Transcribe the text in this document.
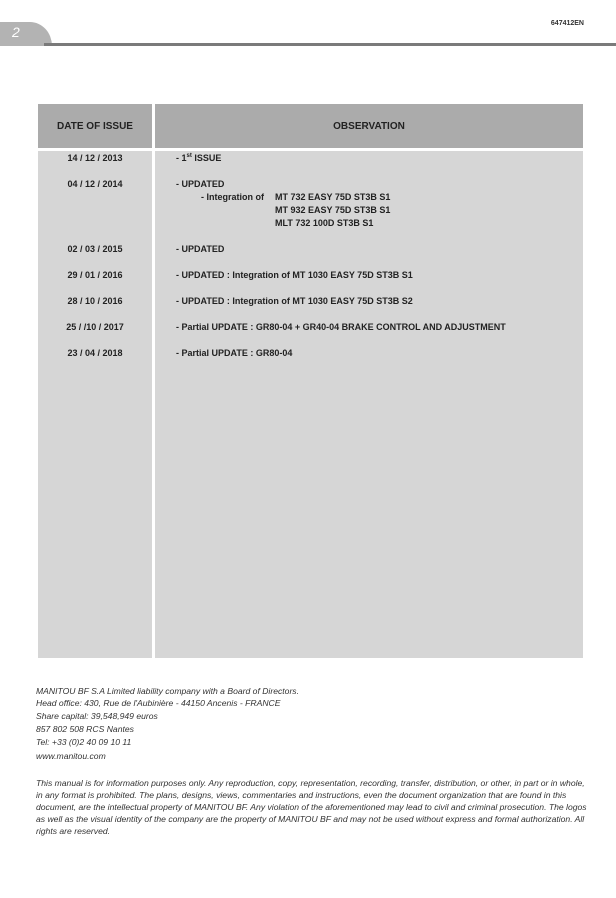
2
647412EN
DATE OF ISSUE	OBSERVATION
14 / 12 / 2013	- 1st ISSUE
04 / 12 / 2014	- UPDATED
- Integration of MT 732 EASY 75D ST3B S1
MT 932 EASY 75D ST3B S1
MLT 732 100D ST3B S1
02 / 03 / 2015	- UPDATED
29 / 01 / 2016	- UPDATED : Integration of MT 1030 EASY 75D ST3B S1
28 / 10 / 2016	- UPDATED : Integration of MT 1030 EASY 75D ST3B S2
25 / /10 / 2017	- Partial UPDATE : GR80-04 + GR40-04 BRAKE CONTROL AND ADJUSTMENT
23 / 04 / 2018	- Partial UPDATE : GR80-04
MANITOU BF S.A Limited liability company with a Board of Directors.
Head office: 430, Rue de l'Aubinière - 44150 Ancenis - FRANCE
Share capital: 39,548,949 euros
857 802 508 RCS Nantes
Tel: +33 (0)2 40 09 10 11
www.manitou.com
This manual is for information purposes only. Any reproduction, copy, representation, recording, transfer, distribution, or other, in part or in whole, in any format is prohibited. The plans, designs, views, commentaries and instructions, even the document organization that are found in this document, are the intellectual property of MANITOU BF. Any violation of the aforementioned may lead to civil and criminal prosecution. The logos as well as the visual identity of the company are the property of MANITOU BF and may not be used without express and formal authorization. All rights are reserved.
